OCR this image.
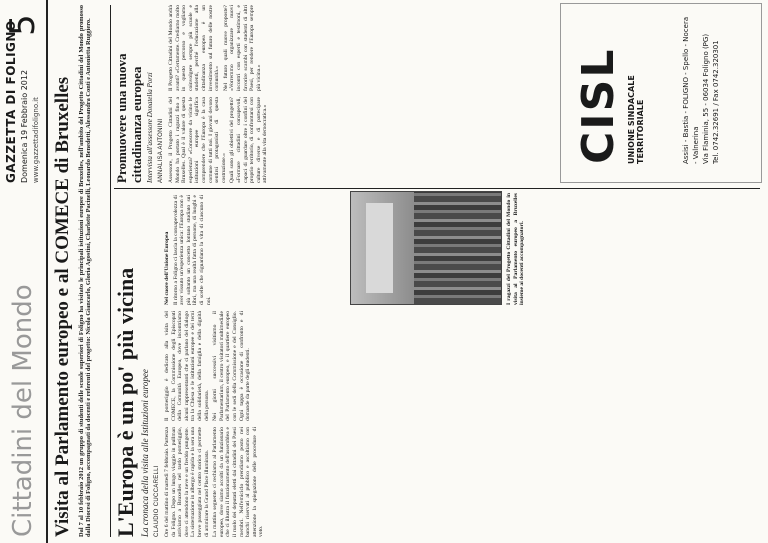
Cittadini del Mondo
GAZZETTA DI FOLIGNO Domenica 19 Febbraio 2012 www.gazzettadifoligno.it
5
Visita al Parlamento europeo e al COMECE di Bruxelles Dal 7 al 10 febbraio 2012 un gruppo di studenti delle scuole superiori di Foligno ha visitato le principali istituzioni europee di Bruxelles, nell'ambito del Progetto Cittadini del Mondo promosso dalla Diocesi di Foligno, accompagnati da docenti e referenti del progetto: Nicola Giancarlo, Gloria Agostini, Charlotte Pacinelli, Leonardo Benedetti, Alessandra Conti e Antonietta Ruggiero. L'Europa è un po' più vicina La cronaca della visita alle Istituzioni europee CLAUDIO CUCCARELLI Ore 6 del mattino di martedì 7 febbraio. Partenza da Foligno. Dopo un lungo viaggio in pullman arriviamo a Bruxelles nel tardo pomeriggio, dove ci attendono la neve e un freddo pungente. La sistemazione in albergo è rapida e la sera una breve passeggiata nel centro storico ci permette di ammirare la Grand Place illuminata. La mattina seguente ci rechiamo al Parlamento europeo, dove siamo accolti da un funzionario che ci illustra il funzionamento dell'assemblea e il ruolo dei deputati eletti dai cittadini dei Paesi membri. Nell'emiciclo prendiamo posto nei banchi riservati al pubblico e ascoltiamo con attenzione la spiegazione delle procedure di voto.

Il pomeriggio è dedicato alla visita del COMECE, la Commissione degli Episcopati della Comunità Europea, dove incontriamo alcuni rappresentanti che ci parlano del dialogo tra la Chiesa e le istituzioni europee e dei temi della solidarietà, della famiglia e della dignità della persona. Nei giorni successivi visitiamo il Parlamentarium, il centro visitatori multimediale del Parlamento europeo, e il quartiere europeo con le sedi della Commissione e del Consiglio. Ogni tappa è occasione di confronto e di domande da parte degli studenti.

Nel cuore dell'Unione Europea Il ritorno a Foligno ci lascia la consapevolezza di aver vissuto un'esperienza unica: l'Europa non è più soltanto un concetto lontano studiato sui libri, ma una realtà fatta di persone, di luoghi e di scelte che riguardano la vita di ciascuno di noi.	I ragazzi del Progetto Cittadini del Mondo in visita al Parlamento europeo a Bruxelles insieme ai docenti accompagnatori.
Promuovere una nuova cittadinanza europea Intervista all'assessore Donatella Porzi ANNALISA ANTONINI Assessore, il Progetto Cittadini del Mondo ha portato i ragazzi fino a Bruxelles. Qual è il valore di questa esperienza? «Conoscere da vicino le istituzioni europee significa comprendere che l'Europa è la casa comune di tutti noi. I giovani devono sentirsi protagonisti di questa costruzione.» Quali sono gli obiettivi del progetto? «Formare cittadini consapevoli, capaci di guardare oltre i confini del proprio territorio, di confrontarsi con culture diverse e di partecipare attivamente alla vita democratica.»

Il Progetto Cittadini del Mondo andrà avanti? «Certamente. Crediamo molto in questo percorso e vogliamo coinvolgere sempre più scuole e studenti, perché l'educazione alla cittadinanza europea è un investimento sul futuro delle nostre comunità.» Nel futuro quali nuove proposte? «Vorremmo organizzare nuovi incontri con esperti e testimoni, e favorire scambi con studenti di altri Paesi, per rendere l'Europa sempre più vicina.»	CISL UNIONE SINDACALE TERRITORIALE	Assisi - Bastia - FOLIGNO - Spello - Nocera - Valnerina Via Flaminia, 55 - 06034 Foligno (PG) Tel. 0742.32691 / Fax 0742.320301
